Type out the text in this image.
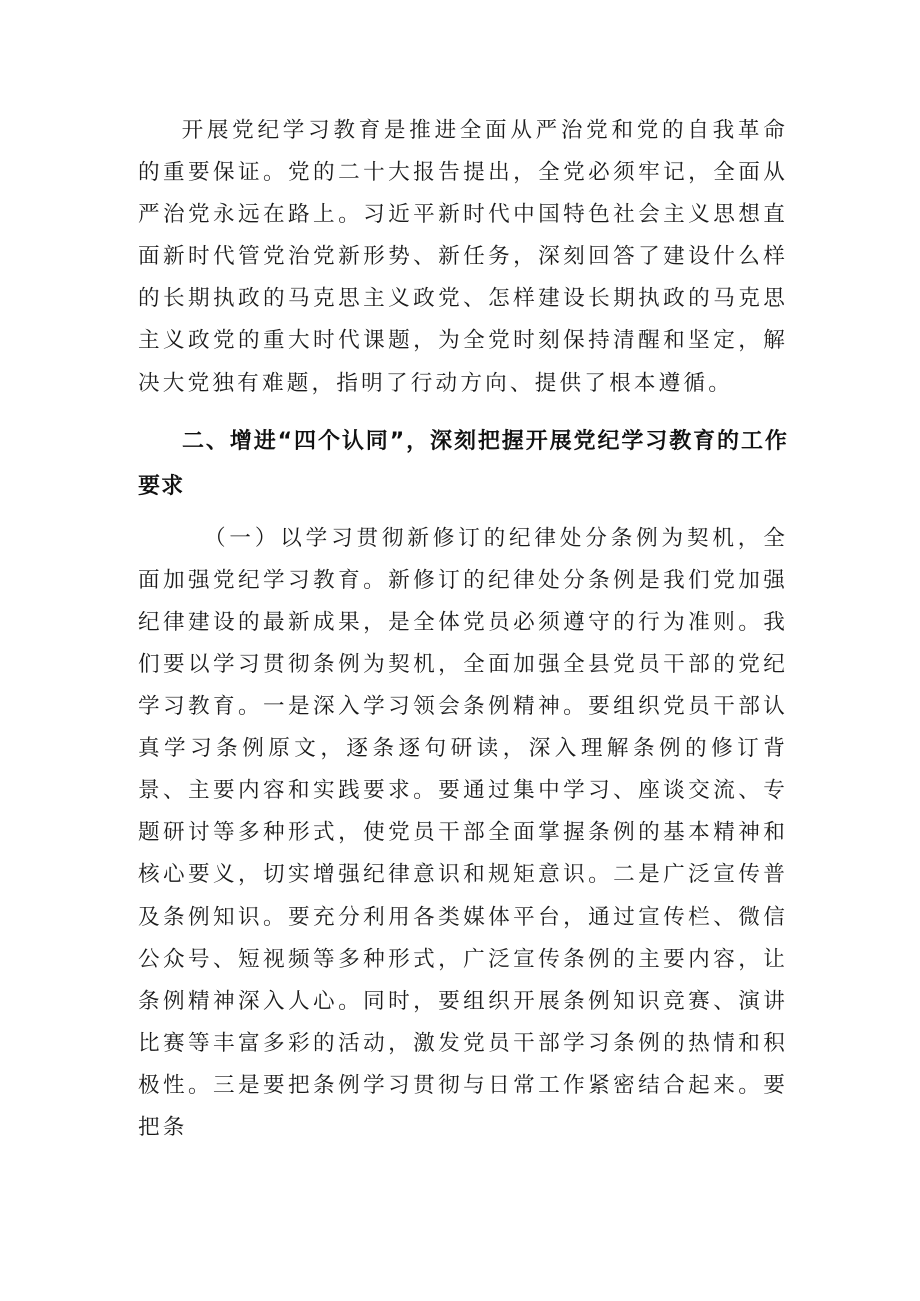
开展党纪学习教育是推进全面从严治党和党的自我革命的重要保证。党的二十大报告提出，全党必须牢记，全面从严治党永远在路上。习近平新时代中国特色社会主义思想直面新时代管党治党新形势、新任务，深刻回答了建设什么样的长期执政的马克思主义政党、怎样建设长期执政的马克思主义政党的重大时代课题，为全党时刻保持清醒和坚定，解决大党独有难题，指明了行动方向、提供了根本遵循。

二、增进“四个认同”，深刻把握开展党纪学习教育的工作要求

（一）以学习贯彻新修订的纪律处分条例为契机，全面加强党纪学习教育。新修订的纪律处分条例是我们党加强纪律建设的最新成果，是全体党员必须遵守的行为准则。我们要以学习贯彻条例为契机，全面加强全县党员干部的党纪学习教育。一是深入学习领会条例精神。要组织党员干部认真学习条例原文，逐条逐句研读，深入理解条例的修订背景、主要内容和实践要求。要通过集中学习、座谈交流、专题研讨等多种形式，使党员干部全面掌握条例的基本精神和核心要义，切实增强纪律意识和规矩意识。二是广泛宣传普及条例知识。要充分利用各类媒体平台，通过宣传栏、微信公众号、短视频等多种形式，广泛宣传条例的主要内容，让条例精神深入人心。同时，要组织开展条例知识竞赛、演讲比赛等丰富多彩的活动，激发党员干部学习条例的热情和积极性。三是要把条例学习贯彻与日常工作紧密结合起来。要把条
